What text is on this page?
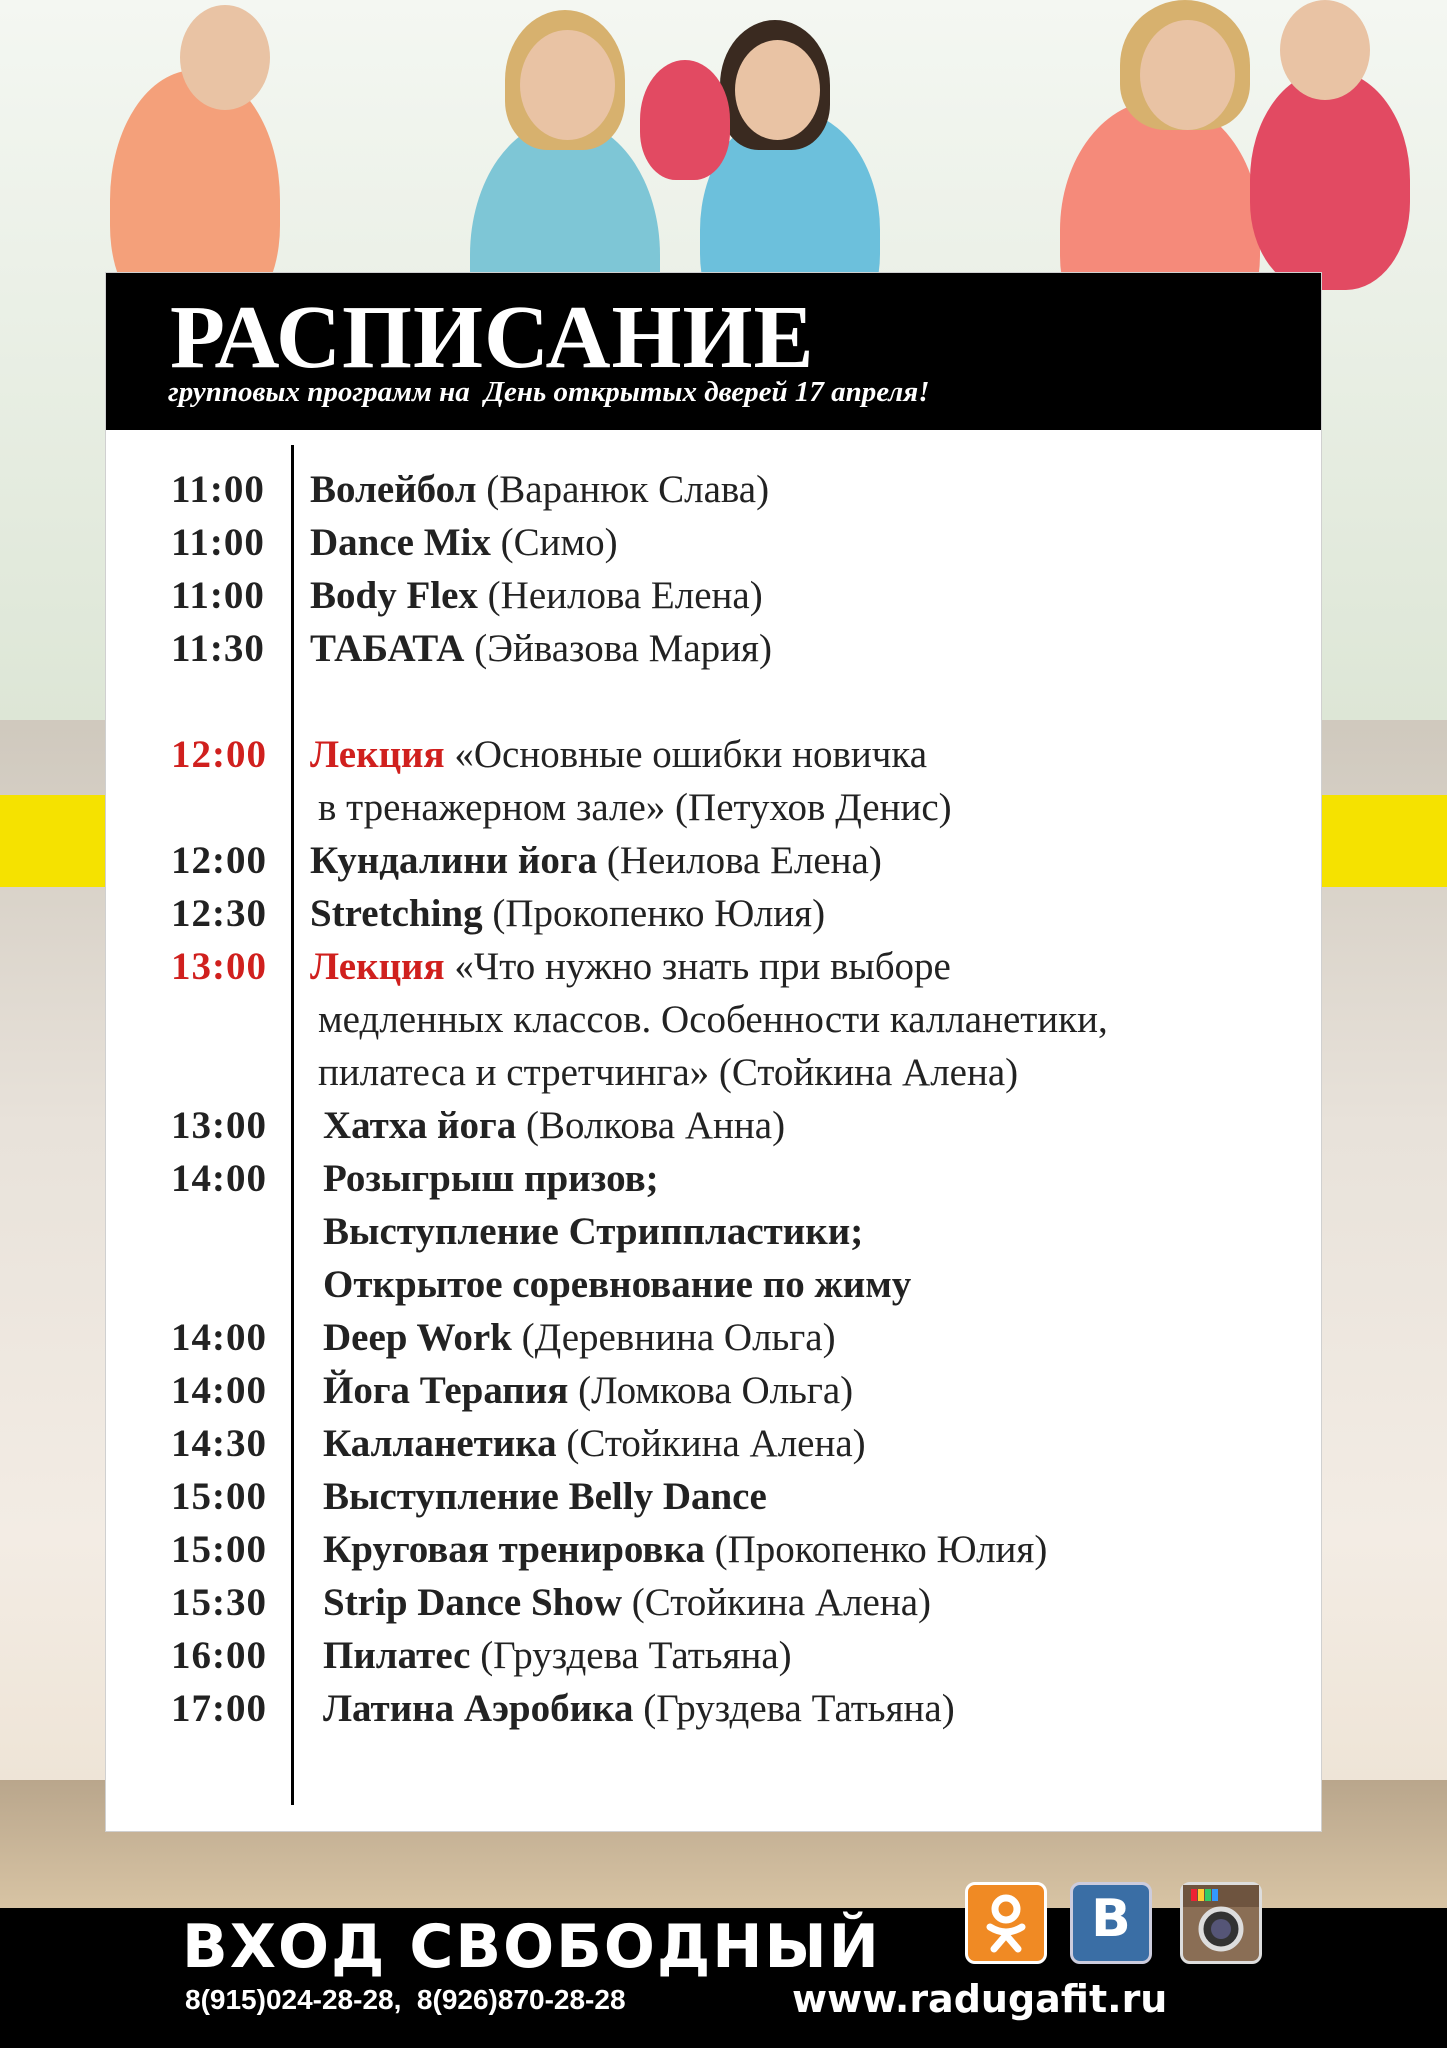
РАСПИСАНИЕ
групповых программ на  День открытых дверей 17 апреля!
11:00	Волейбол (Варанюк Слава)
11:00	Dance Mix (Симо)
11:00	Body Flex (Неилова Елена)
11:30	ТАБАТА (Эйвазова Мария)
12:00	Лекция «Основные ошибки новичка
в тренажерном зале» (Петухов Денис)
12:00	Кундалини йога (Неилова Елена)
12:30	Stretching (Прокопенко Юлия)
13:00	Лекция «Что нужно знать при выборе
медленных классов. Особенности калланетики,
пилатеса и стретчинга» (Стойкина Алена)
13:00	Хатха йога (Волкова Анна)
14:00	Розыгрыш призов;
Выступление Стриппластики;
Открытое соревнование по жиму
14:00	Deep Work (Деревнина Ольга)
14:00	Йога Терапия (Ломкова Ольга)
14:30	Калланетика (Стойкина Алена)
15:00	Выступление Belly Dance
15:00	Круговая тренировка (Прокопенко Юлия)
15:30	Strip Dance Show (Стойкина Алена)
16:00	Пилатес (Груздева Татьяна)
17:00	Латина Аэробика (Груздева Татьяна)
ВХОД СВОБОДНЫЙ
8(915)024-28-28,  8(926)870-28-28	www.radugafit.ru
B
